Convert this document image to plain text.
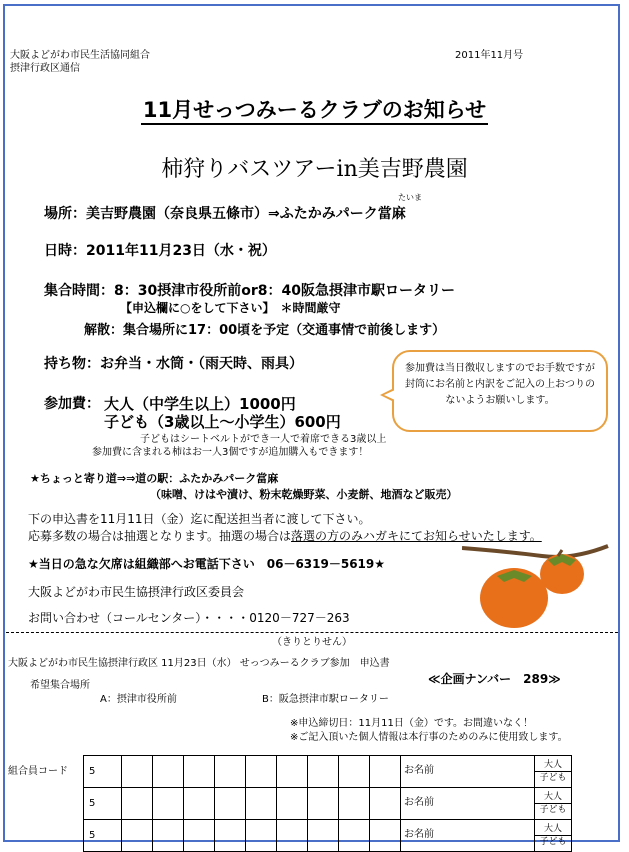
大阪よどがわ市民生活協同組合
摂津行政区通信
2011年11月号
11月せっつみーるクラブのお知らせ
柿狩りバスツアーin美吉野農園
たいま
場所：美吉野農園（奈良県五條市）⇒ふたかみパーク當麻
日時：2011年11月23日（水・祝）
集合時間：8：30摂津市役所前or8：40阪急摂津市駅ロータリー
【申込欄に○をして下さい】　＊時間厳守
解散：集合場所に17：00頃を予定（交通事情で前後します）
持ち物：お弁当・水筒・（雨天時、雨具）
参加費： 大人（中学生以上）1000円
子ども（3歳以上～小学生）600円
子どもはシートベルトができ一人で着席できる3歳以上
参加費に含まれる柿はお一人3個ですが追加購入もできます！
参加費は当日徴収しますのでお手数ですが封筒にお名前と内訳をご記入の上おつりのないようお願いします。
★ちょっと寄り道⇒⇒道の駅：ふたかみパーク當麻
（味噌、けはや漬け、粉末乾燥野菜、小麦餅、地酒など販売）
下の申込書を11月11日（金）迄に配送担当者に渡して下さい。
応募多数の場合は抽選となります。抽選の場合は落選の方のみハガキにてお知らせいたします。
★当日の急な欠席は組織部へお電話下さい　06－6319－5619★
大阪よどがわ市民生協摂津行政区委員会
お問い合わせ（コールセンター）・・・・0120－727－263
（きりとりせん）
大阪よどがわ市民生協摂津行政区 11月23日（水） せっつみーるクラブ参加　申込書
≪企画ナンバー　289≫
希望集合場所
A：摂津市役所前	B：阪急摂津市駅ロータリー
※申込締切日：11月11日（金）です。お間違いなく！
※ご記入頂いた個人情報は本行事のためのみに使用致します。
組合員コード	5										お名前	大人
子ども

	5										お名前	大人
子ども

	5										お名前	大人
子ども
